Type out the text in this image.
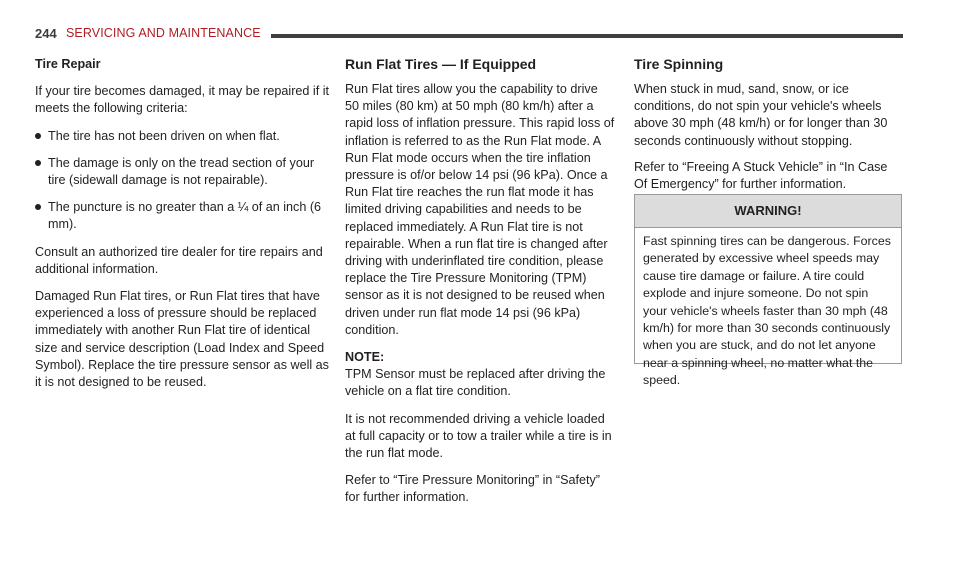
244 SERVICING AND MAINTENANCE
Tire Repair

If your tire becomes damaged, it may be repaired if it meets the following criteria:

The tire has not been driven on when flat.
The damage is only on the tread section of your tire (sidewall damage is not repairable).
The puncture is no greater than a ¼ of an inch (6 mm).

Consult an authorized tire dealer for tire repairs and additional information.

Damaged Run Flat tires, or Run Flat tires that have experienced a loss of pressure should be replaced immediately with another Run Flat tire of identical size and service description (Load Index and Speed Symbol). Replace the tire pressure sensor as well as it is not designed to be reused.

Run Flat Tires — If Equipped

Run Flat tires allow you the capability to drive 50 miles (80 km) at 50 mph (80 km/h) after a rapid loss of inflation pressure. This rapid loss of inflation is referred to as the Run Flat mode. A Run Flat mode occurs when the tire inflation pressure is of/or below 14 psi (96 kPa). Once a Run Flat tire reaches the run flat mode it has limited driving capabilities and needs to be replaced immediately. A Run Flat tire is not repairable. When a run flat tire is changed after driving with underinflated tire condition, please replace the Tire Pressure Monitoring (TPM) sensor as it is not designed to be reused when driven under run flat mode 14 psi (96 kPa) condition.

NOTE:

TPM Sensor must be replaced after driving the vehicle on a flat tire condition.

It is not recommended driving a vehicle loaded at full capacity or to tow a trailer while a tire is in the run flat mode.

Refer to “Tire Pressure Monitoring” in “Safety” for further information.

Tire Spinning

When stuck in mud, sand, snow, or ice conditions, do not spin your vehicle's wheels above 30 mph (48 km/h) or for longer than 30 seconds continuously without stopping.

Refer to “Freeing A Stuck Vehicle” in “In Case Of Emergency” for further information.

WARNING!
Fast spinning tires can be dangerous. Forces generated by excessive wheel speeds may cause tire damage or failure. A tire could explode and injure someone. Do not spin your vehicle's wheels faster than 30 mph (48 km/h) for more than 30 seconds continuously when you are stuck, and do not let anyone near a spinning wheel, no matter what the speed.
